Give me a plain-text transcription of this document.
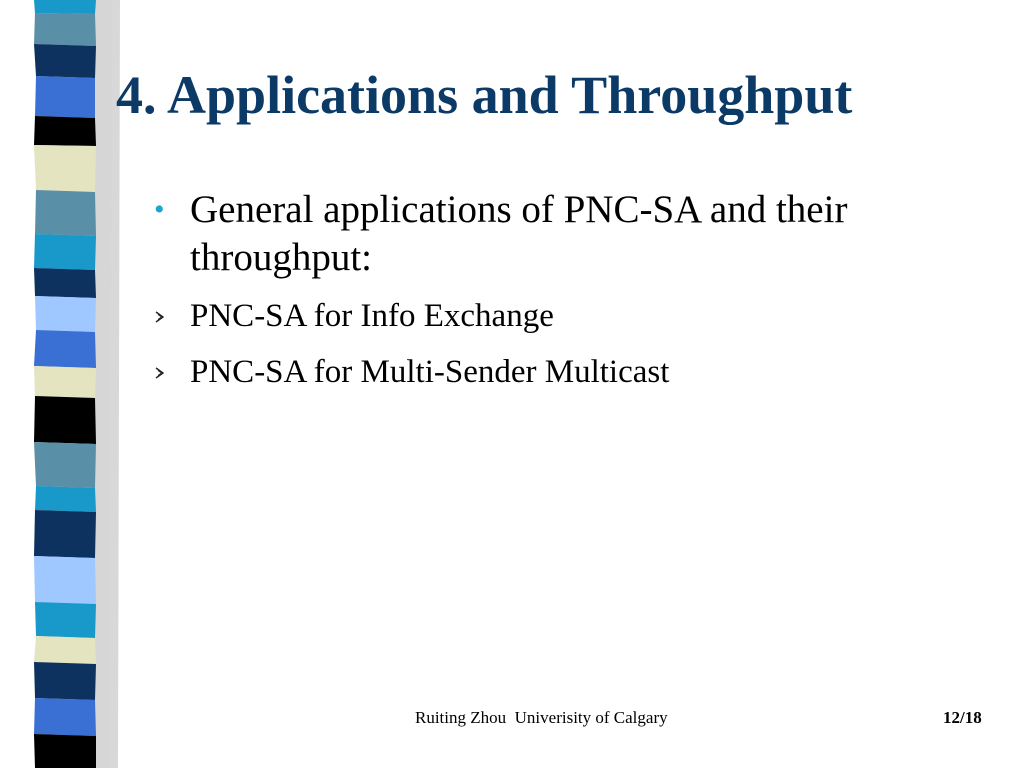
4. Applications and Throughput
• General applications of PNC-SA and their throughput:
PNC-SA for Info Exchange
PNC-SA for Multi-Sender Multicast
Ruiting Zhou  Univerisity of Calgary	12/18
